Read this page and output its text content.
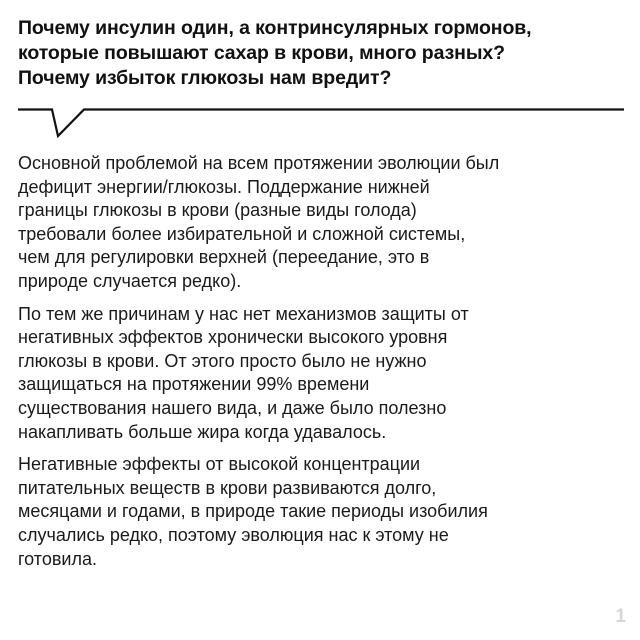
Почему инсулин один, а контринсулярных гормонов,
которые повышают сахар в крови, много разных?
Почему избыток глюкозы нам вредит?

Основной проблемой на всем протяжении эволюции был
дефицит энергии/глюкозы. Поддержание нижней
границы глюкозы в крови (разные виды голода)
требовали более избирательной и сложной системы,
чем для регулировки верхней (переедание, это в
природе случается редко).

По тем же причинам у нас нет механизмов защиты от
негативных эффектов хронически высокого уровня
глюкозы в крови. От этого просто было не нужно
защищаться на протяжении 99% времени
существования нашего вида, и даже было полезно
накапливать больше жира когда удавалось.

Негативные эффекты от высокой концентрации
питательных веществ в крови развиваются долго,
месяцами и годами, в природе такие периоды изобилия
случались редко, поэтому эволюция нас к этому не
готовила.

1
